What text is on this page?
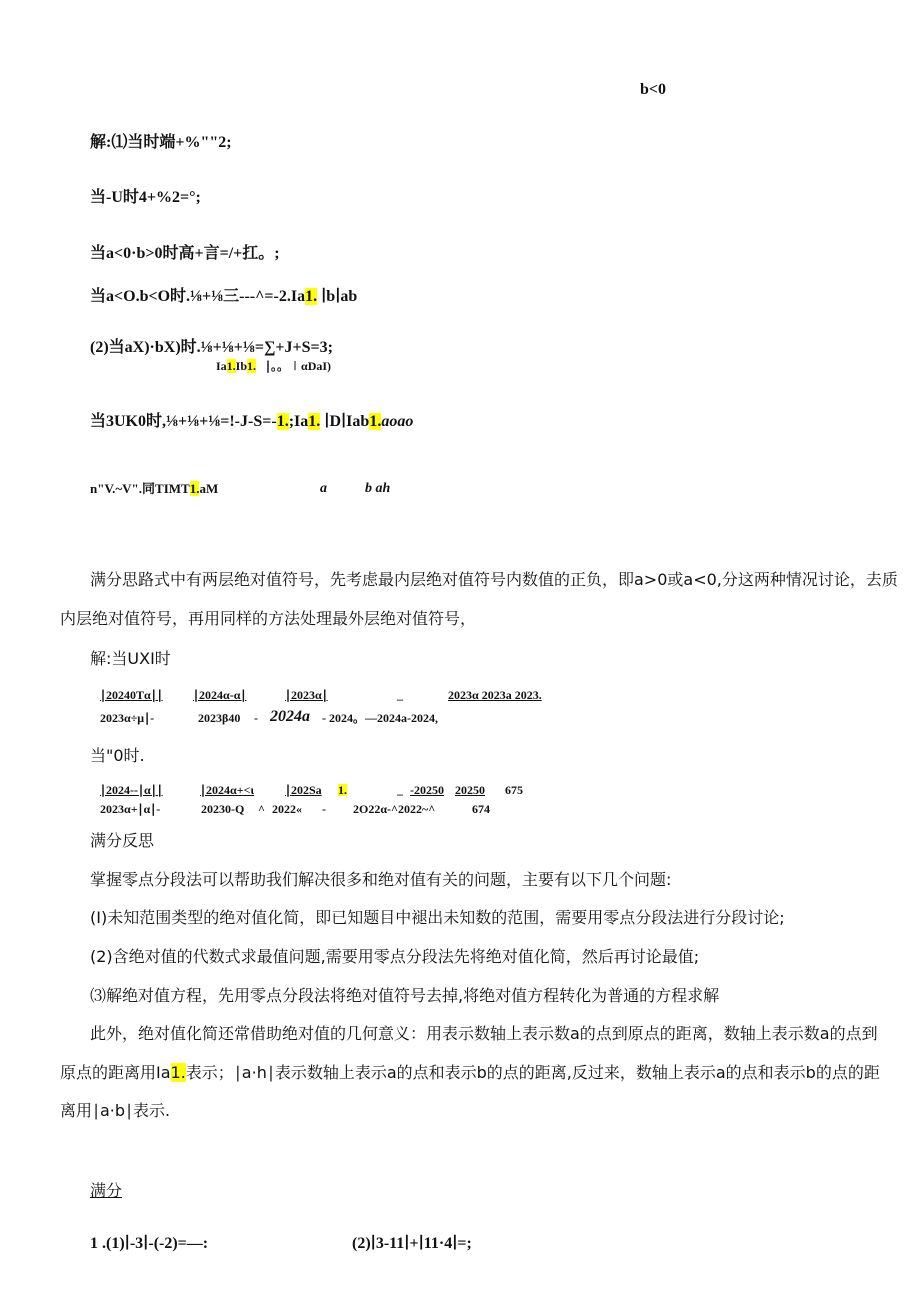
b<0
解:⑴当时端+%""2;
当-U时4+%2=°;
当a<0·b>0时高+言=/+扛。;
当a<O.b<O时.⅛+⅛三---^=-2.Ia1. ∣b∣ab
(2)当aX)·bX)时.⅛+⅛+⅛=∑+J+S=3;
Ia1.Ib1. ∣。。∣αDaI)
当3UK0时,⅛+⅛+⅛=!-J-S=-1.;Ia1. ∣D∣Iab1.aoao
n"V.~V".同TIMT1.aM	a	b ah
满分思路式中有两层绝对值符号，先考虑最内层绝对值符号内数值的正负，即a>0或a<0,分这两种情况讨论，去质
内层绝对值符号，再用同样的方法处理最外层绝对值符号，
解:当UXI时
∣20240Tα∣∣	∣2024α-α∣	∣2023α∣	_	2023α 2023a 2023.
2023α÷μ∣-	2023β40 - 2024a - 2024。—2024a-2024,
当"0时.
∣2024--∣α∣∣	∣2024α+<ι	∣202Sa 1.	_ -20250 20250 675
2023α+∣α∣-	20230-Q ^ 2022« - 2O22α-^2022~^	674
满分反思
掌握零点分段法可以帮助我们解决很多和绝对值有关的问题，主要有以下几个问题:
(I)未知范围类型的绝对值化简，即已知题目中褪出未知数的范围，需要用零点分段法进行分段讨论;
(2)含绝对值的代数式求最值问题,需要用零点分段法先将绝对值化简，然后再讨论最值;
⑶解绝对值方程，先用零点分段法将绝对值符号去掉,将绝对值方程转化为普通的方程求解
此外，绝对值化简还常借助绝对值的几何意义：用表示数轴上表示数a的点到原点的距离，数轴上表示数a的点到
原点的距离用Ia1.表示；∣a·h∣表示数轴上表示a的点和表示b的点的距离,反过来，数轴上表示a的点和表示b的点的距
离用∣a·b∣表示.
满分
1 .(1)∣-3∣-(-2)=—:	(2)∣3-11∣+∣11·4∣=;
